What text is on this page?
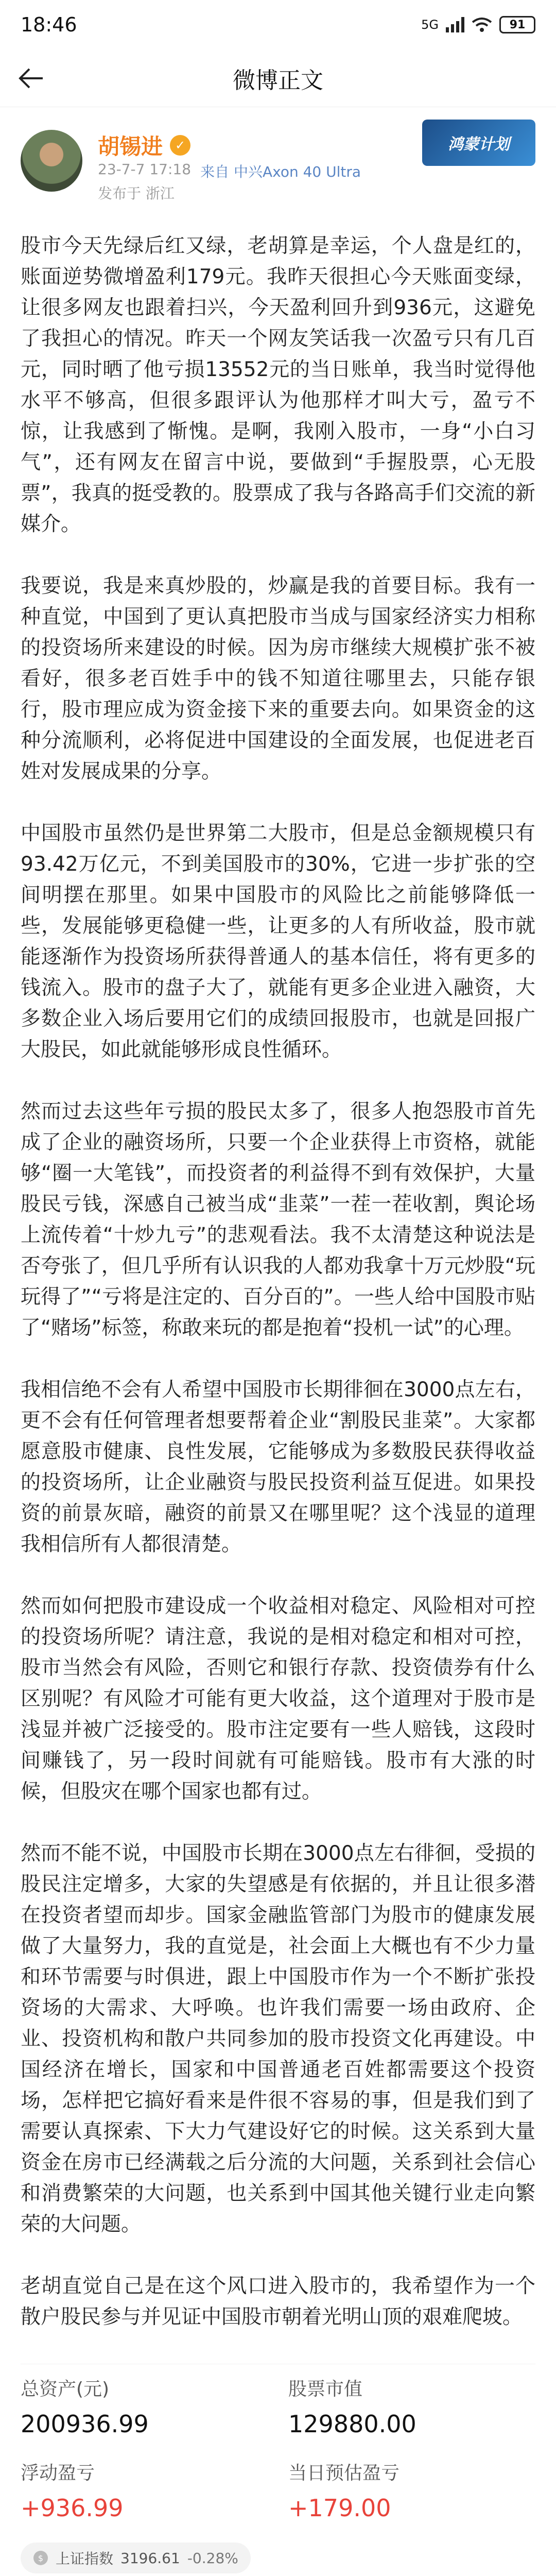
18:46	5G	91
微博正文
胡锡进 ✓
23-7-7 17:18 来自 中兴Axon 40 Ultra
发布于 浙江
鸿蒙计划

股市今天先绿后红又绿，老胡算是幸运，个人盘是红的，账面逆势微增盈利179元。我昨天很担心今天账面变绿，让很多网友也跟着扫兴，今天盈利回升到936元，这避免了我担心的情况。昨天一个网友笑话我一次盈亏只有几百元，同时晒了他亏损13552元的当日账单，我当时觉得他水平不够高，但很多跟评认为他那样才叫大亏，盈亏不惊，让我感到了惭愧。是啊，我刚入股市，一身“小白习气”，还有网友在留言中说，要做到“手握股票，心无股票”，我真的挺受教的。股票成了我与各路高手们交流的新媒介。

我要说，我是来真炒股的，炒赢是我的首要目标。我有一种直觉，中国到了更认真把股市当成与国家经济实力相称的投资场所来建设的时候。因为房市继续大规模扩张不被看好，很多老百姓手中的钱不知道往哪里去，只能存银行，股市理应成为资金接下来的重要去向。如果资金的这种分流顺利，必将促进中国建设的全面发展，也促进老百姓对发展成果的分享。

中国股市虽然仍是世界第二大股市，但是总金额规模只有93.42万亿元，不到美国股市的30%，它进一步扩张的空间明摆在那里。如果中国股市的风险比之前能够降低一些，发展能够更稳健一些，让更多的人有所收益，股市就能逐渐作为投资场所获得普通人的基本信任，将有更多的钱流入。股市的盘子大了，就能有更多企业进入融资，大多数企业入场后要用它们的成绩回报股市，也就是回报广大股民，如此就能够形成良性循环。

然而过去这些年亏损的股民太多了，很多人抱怨股市首先成了企业的融资场所，只要一个企业获得上市资格，就能够“圈一大笔钱”，而投资者的利益得不到有效保护，大量股民亏钱，深感自己被当成“韭菜”一茬一茬收割，舆论场上流传着“十炒九亏”的悲观看法。我不太清楚这种说法是否夸张了，但几乎所有认识我的人都劝我拿十万元炒股“玩玩得了”“亏将是注定的、百分百的”。一些人给中国股市贴了“赌场”标签，称敢来玩的都是抱着“投机一试”的心理。

我相信绝不会有人希望中国股市长期徘徊在3000点左右，更不会有任何管理者想要帮着企业“割股民韭菜”。大家都愿意股市健康、良性发展，它能够成为多数股民获得收益的投资场所，让企业融资与股民投资利益互促进。如果投资的前景灰暗，融资的前景又在哪里呢？这个浅显的道理我相信所有人都很清楚。

然而如何把股市建设成一个收益相对稳定、风险相对可控的投资场所呢？请注意，我说的是相对稳定和相对可控，股市当然会有风险，否则它和银行存款、投资债券有什么区别呢？有风险才可能有更大收益，这个道理对于股市是浅显并被广泛接受的。股市注定要有一些人赔钱，这段时间赚钱了，另一段时间就有可能赔钱。股市有大涨的时候，但股灾在哪个国家也都有过。

然而不能不说，中国股市长期在3000点左右徘徊，受损的股民注定增多，大家的失望感是有依据的，并且让很多潜在投资者望而却步。国家金融监管部门为股市的健康发展做了大量努力，我的直觉是，社会面上大概也有不少力量和环节需要与时俱进，跟上中国股市作为一个不断扩张投资场的大需求、大呼唤。也许我们需要一场由政府、企业、投资机构和散户共同参加的股市投资文化再建设。中国经济在增长，国家和中国普通老百姓都需要这个投资场，怎样把它搞好看来是件很不容易的事，但是我们到了需要认真探索、下大力气建设好它的时候。这关系到大量资金在房市已经满载之后分流的大问题，关系到社会信心和消费繁荣的大问题，也关系到中国其他关键行业走向繁荣的大问题。

老胡直觉自己是在这个风口进入股市的，我希望作为一个散户股民参与并见证中国股市朝着光明山顶的艰难爬坡。

总资产(元)
200936.99
股票市值
129880.00
浮动盈亏
+936.99
当日预估盈亏
+179.00
$ 上证指数 3196.61 -0.28%
